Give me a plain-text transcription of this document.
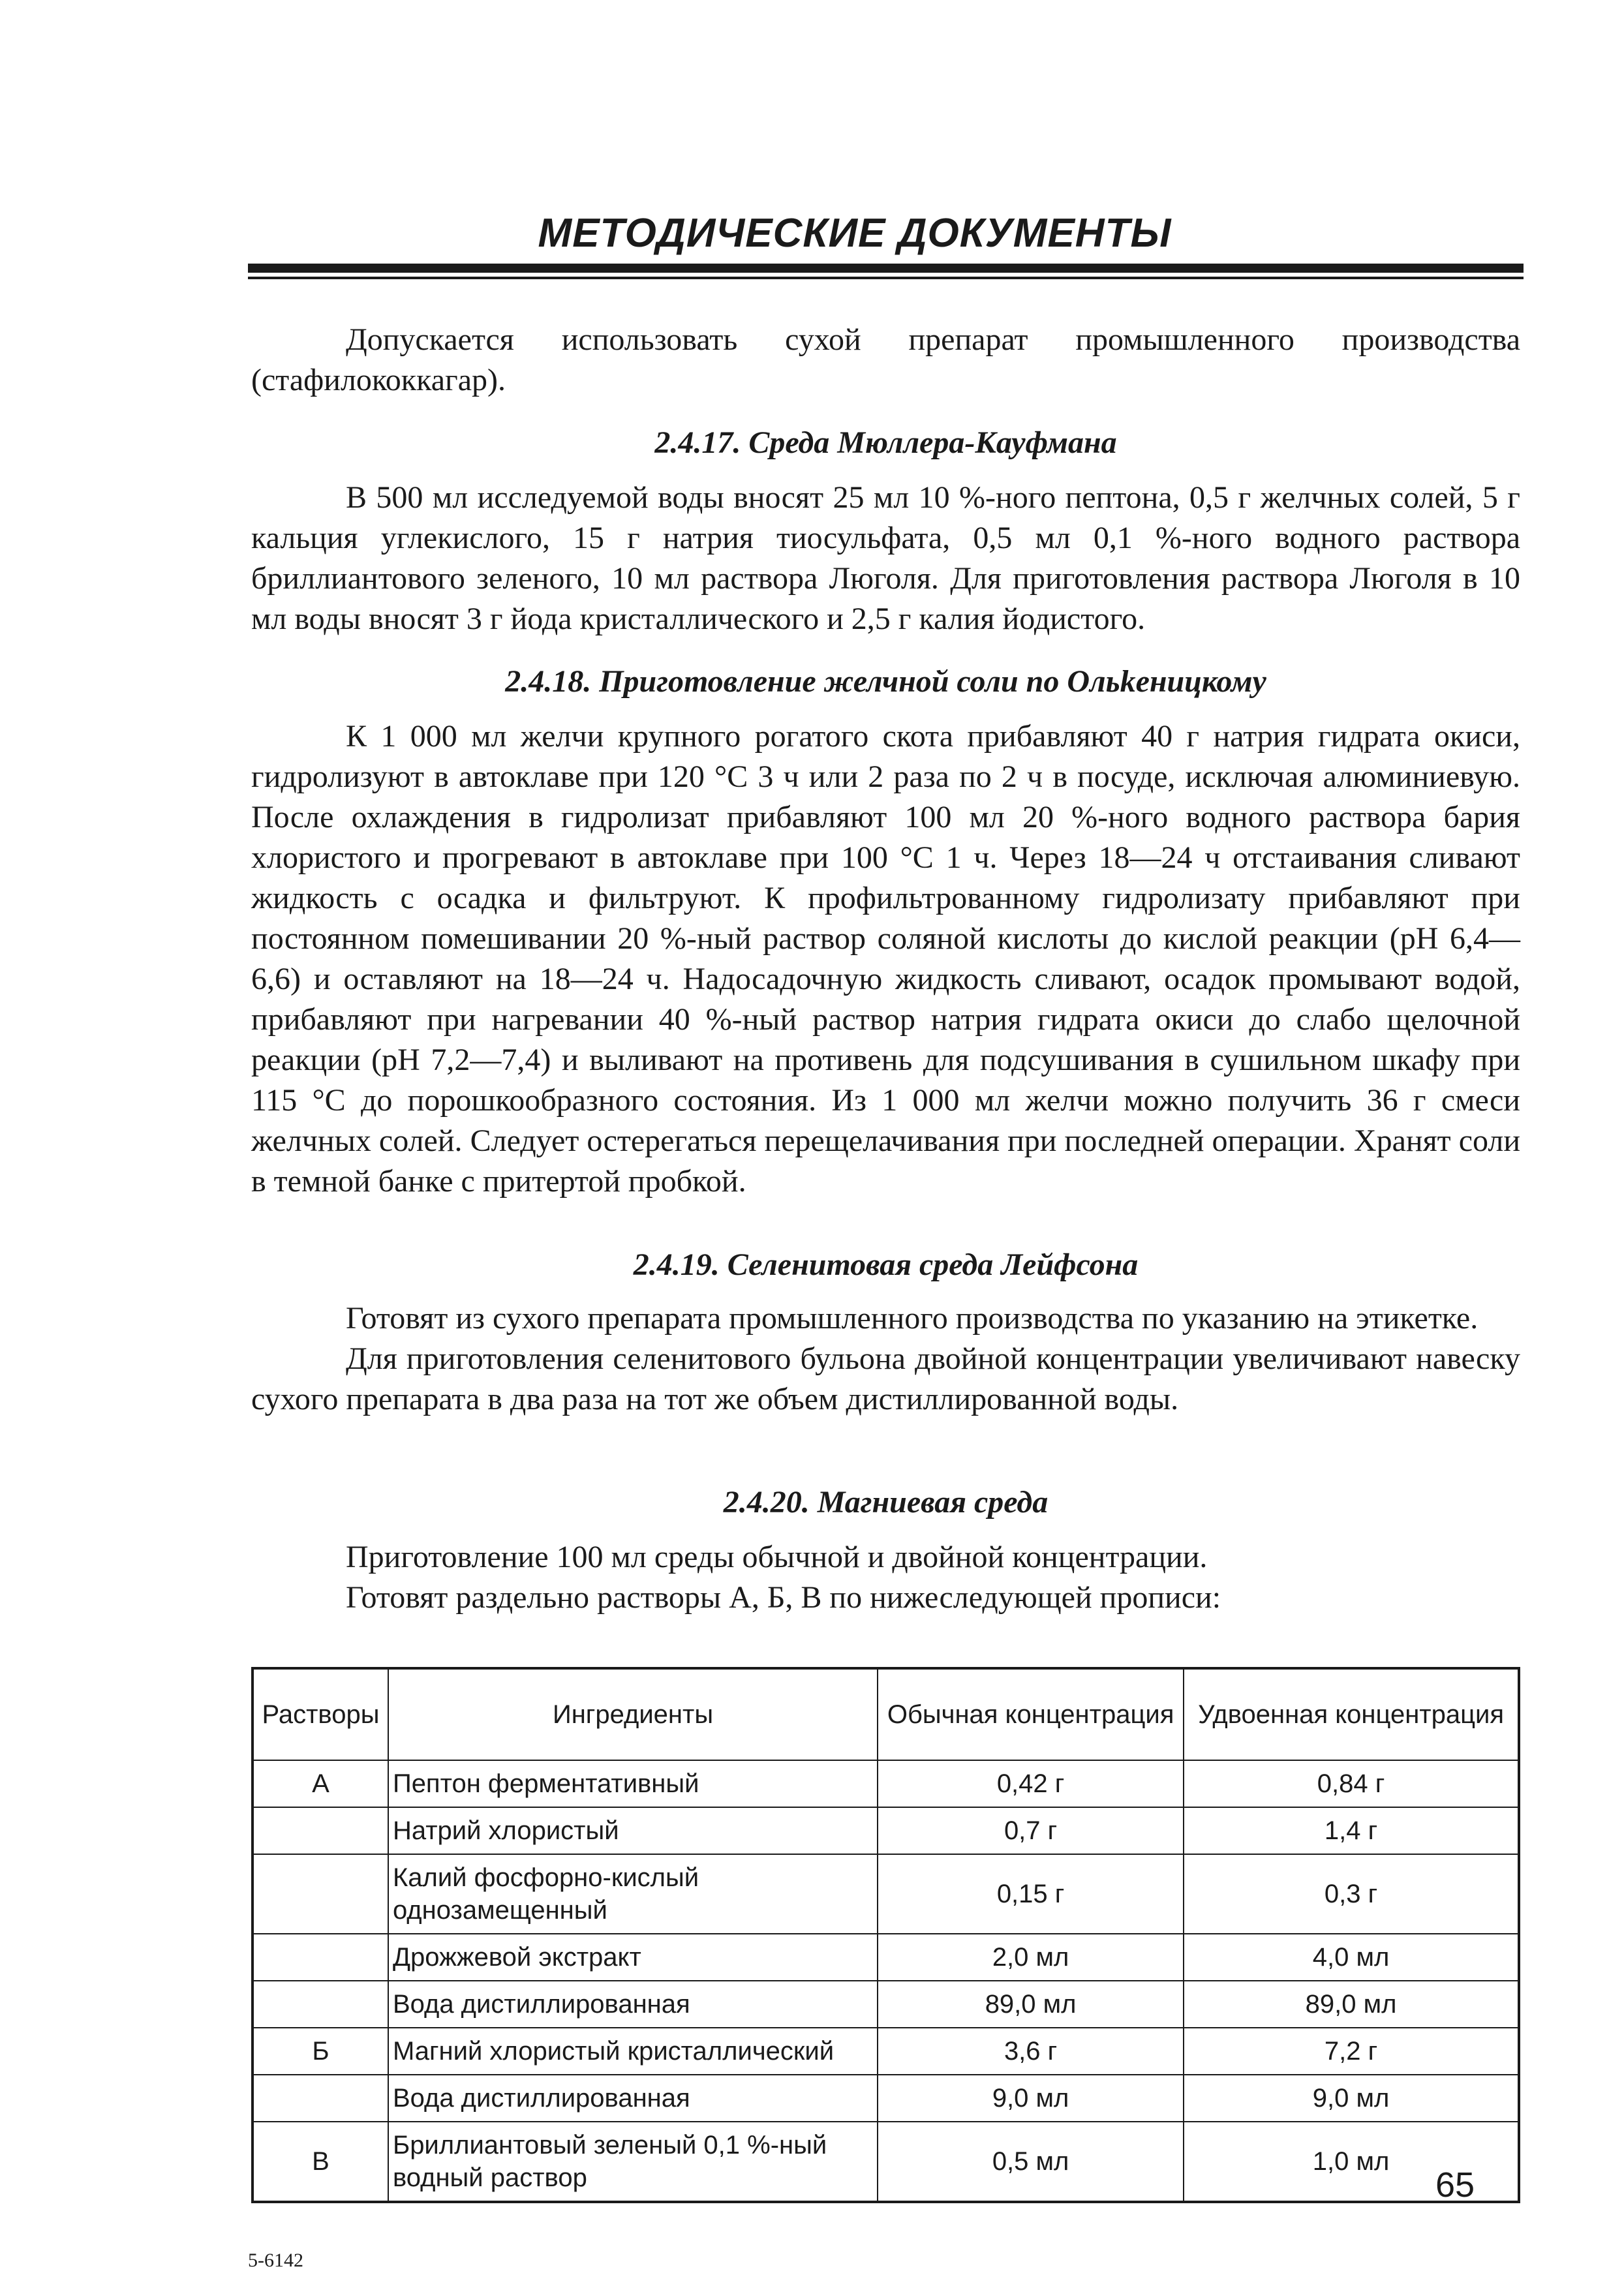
МЕТОДИЧЕСКИЕ ДОКУМЕНТЫ

Допускается использовать сухой препарат промышленного производства (стафилококкагар).

2.4.17. Среда Мюллера-Кауфмана

В 500 мл исследуемой воды вносят 25 мл 10 %-ного пептона, 0,5 г желчных солей, 5 г кальция углекислого, 15 г натрия тиосульфата, 0,5 мл 0,1 %-ного водного раствора бриллиантового зеленого, 10 мл раствора Люголя. Для приготовления раствора Люголя в 10 мл воды вносят 3 г йода кристаллического и 2,5 г калия йодистого.

2.4.18. Приготовление желчной соли по Ольkеницкому

К 1 000 мл желчи крупного рогатого скота прибавляют 40 г натрия гидрата окиси, гидролизуют в автоклаве при 120 °С 3 ч или 2 раза по 2 ч в посуде, исключая алюминиевую. После охлаждения в гидролизат прибавляют 100 мл 20 %-ного водного раствора бария хлористого и прогревают в автоклаве при 100 °С 1 ч. Через 18—24 ч отстаивания сливают жидкость с осадка и фильтруют. К профильтрованному гидролизату прибавляют при постоянном помешивании 20 %-ный раствор соляной кислоты до кислой реакции (рН 6,4—6,6) и оставляют на 18—24 ч. Надосадочную жидкость сливают, осадок промывают водой, прибавляют при нагревании 40 %-ный раствор натрия гидрата окиси до слабо щелочной реакции (рН 7,2—7,4) и выливают на противень для подсушивания в сушильном шкафу при 115 °С до порошкообразного состояния. Из 1 000 мл желчи можно получить 36 г смеси желчных солей. Следует остерегаться перещелачивания при последней операции. Хранят соли в темной банке с притертой пробкой.

2.4.19. Селенитовая среда Лейфсона

Готовят из сухого препарата промышленного производства по указанию на этикетке.

Для приготовления селенитового бульона двойной концентрации увеличивают навеску сухого препарата в два раза на тот же объем дистиллированной воды.

2.4.20. Магниевая среда

Приготовление 100 мл среды обычной и двойной концентрации.

Готовят раздельно растворы А, Б, В по нижеследующей прописи:

Растворы	Ингредиенты	Обычная концентрация	Удвоенная концентрация
А	Пептон ферментативный	0,42 г	0,84 г
	Натрий хлористый	0,7 г	1,4 г
	Калий фосфорно-кислый однозамещенный	0,15 г	0,3 г
	Дрожжевой экстракт	2,0 мл	4,0 мл
	Вода дистиллированная	89,0 мл	89,0 мл
Б	Магний хлористый кристаллический	3,6 г	7,2 г
	Вода дистиллированная	9,0 мл	9,0 мл
В	Бриллиантовый зеленый 0,1 %-ный водный раствор	0,5 мл	1,0 мл
65
5-6142
